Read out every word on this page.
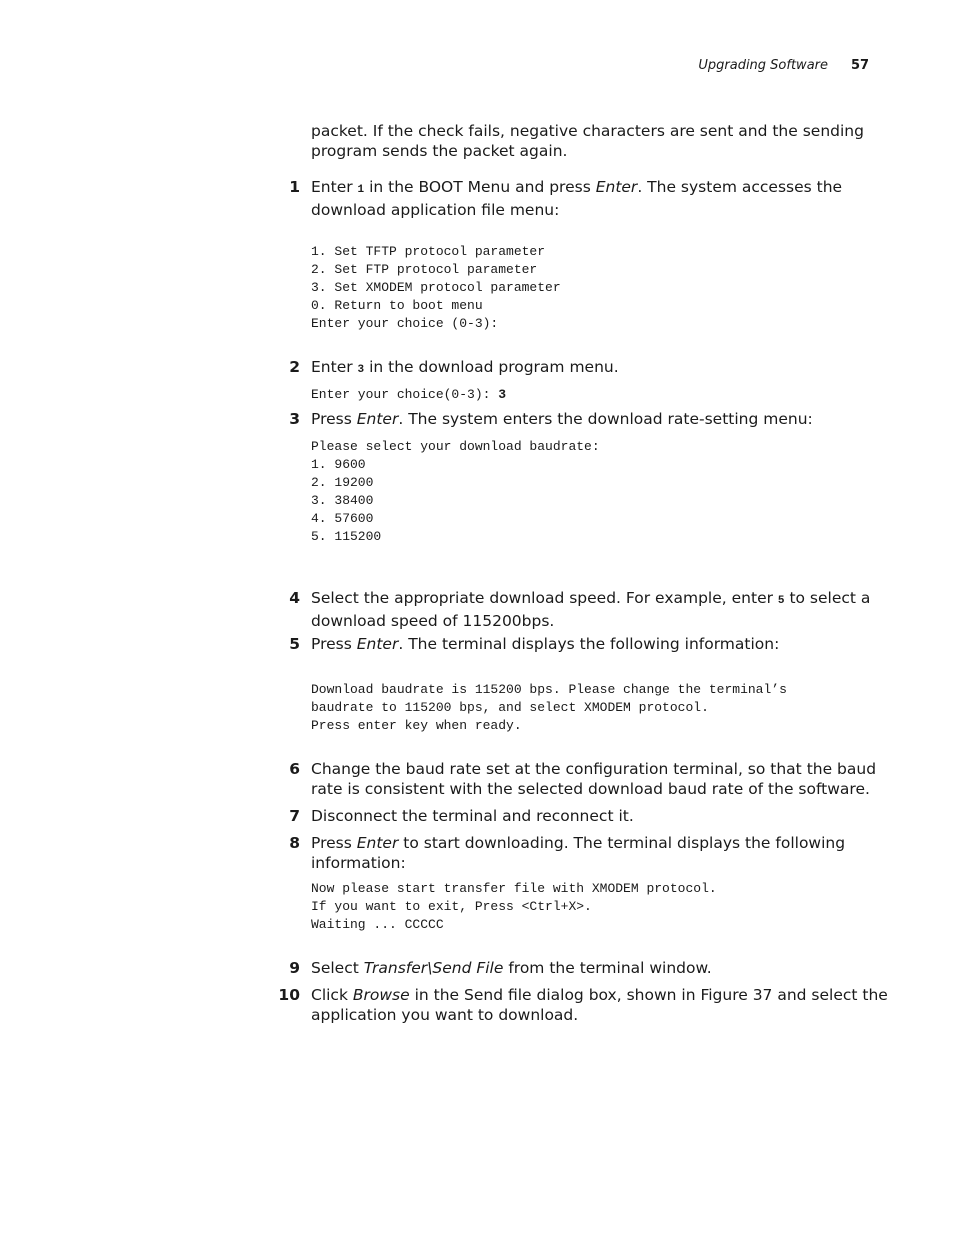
Upgrading Software 57
packet. If the check fails, negative characters are sent and the sending program sends the packet again.
1 Enter 1 in the BOOT Menu and press Enter. The system accesses the download application file menu:
1. Set TFTP protocol parameter
2. Set FTP protocol parameter
3. Set XMODEM protocol parameter
0. Return to boot menu
Enter your choice (0-3):
2 Enter 3 in the download program menu.
Enter your choice(0-3): 3
3 Press Enter. The system enters the download rate-setting menu:
Please select your download baudrate:
1. 9600
2. 19200
3. 38400
4. 57600
5. 115200
4 Select the appropriate download speed. For example, enter 5 to select a download speed of 115200bps.
5 Press Enter. The terminal displays the following information:
Download baudrate is 115200 bps. Please change the terminal’s
baudrate to 115200 bps, and select XMODEM protocol.
Press enter key when ready.
6 Change the baud rate set at the configuration terminal, so that the baud rate is consistent with the selected download baud rate of the software.
7 Disconnect the terminal and reconnect it.
8 Press Enter to start downloading. The terminal displays the following information:
Now please start transfer file with XMODEM protocol.
If you want to exit, Press <Ctrl+X>.
Waiting ... CCCCC
9 Select Transfer\Send File from the terminal window.
10 Click Browse in the Send file dialog box, shown in Figure 37 and select the application you want to download.
